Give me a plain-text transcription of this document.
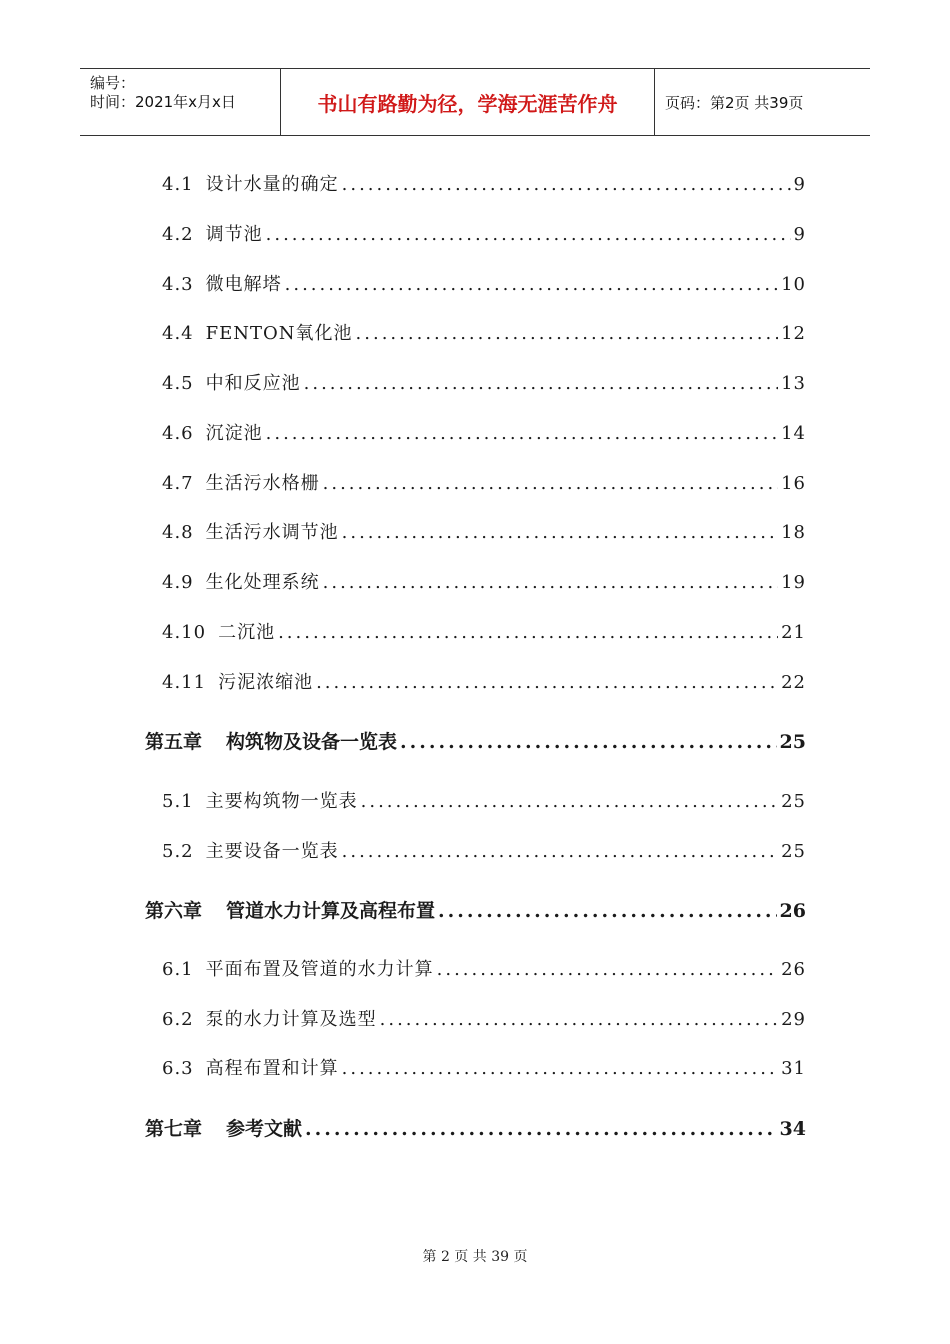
编号：
时间：2021年x月x日	书山有路勤为径，学海无涯苦作舟	页码：第2页 共39页
4.1 设计水量的确定 .....	9
4.2 调节池 .....	9
4.3 微电解塔 .....	10
4.4 FENTON氧化池 .....	12
4.5 中和反应池 .....	13
4.6 沉淀池 .....	14
4.7 生活污水格栅 .....	16
4.8 生活污水调节池 .....	18
4.9 生化处理系统 .....	19
4.10 二沉池 .....	21
4.11 污泥浓缩池 .....	22
第五章 构筑物及设备一览表 .....	25
5.1 主要构筑物一览表 .....	25
5.2 主要设备一览表 .....	25
第六章 管道水力计算及高程布置 .....	26
6.1 平面布置及管道的水力计算 .....	26
6.2 泵的水力计算及选型 .....	29
6.3 高程布置和计算 .....	31
第七章 参考文献 .....	34
第 2 页 共 39 页
